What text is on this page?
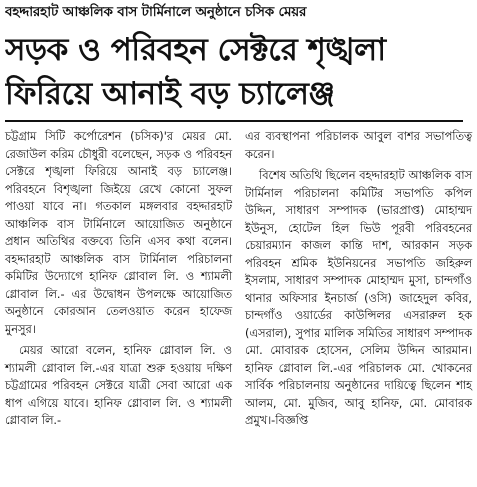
বহদ্দারহাট আঞ্চলিক বাস টার্মিনালে অনুষ্ঠানে চসিক মেয়র
সড়ক ও পরিবহন সেক্টরে শৃঙ্খলা
ফিরিয়ে আনাই বড় চ্যালেঞ্জ

চট্টগ্রাম সিটি কর্পোরেশন (চসিক)'র মেয়র মো. রেজাউল করিম চৌধুরী বলেছেন, সড়ক ও পরিবহন সেক্টরে শৃঙ্খলা ফিরিয়ে আনাই বড় চ্যালেঞ্জ। পরিবহনে বিশৃঙ্খলা জিইয়ে রেখে কোনো সুফল পাওয়া যাবে না। গতকাল মঙ্গলবার বহদ্দারহাট আঞ্চলিক বাস টার্মিনালে আয়োজিত অনুষ্ঠানে প্রধান অতিথির বক্তব্যে তিনি এসব কথা বলেন। বহদ্দারহাট আঞ্চলিক বাস টার্মিনাল পরিচালনা কমিটির উদ্যোগে হানিফ গ্লোবাল লি. ও শ্যামলী গ্লোবাল লি.- এর উদ্বোধন উপলক্ষে আয়োজিত অনুষ্ঠানে কোরআন তেলওয়াত করেন হাফেজ মুনসুর।

মেয়র আরো বলেন, হানিফ গ্লোবাল লি. ও শ্যামলী গ্লোবাল লি.-এর যাত্রা শুরু হওয়ায় দক্ষিণ চট্টগ্রামের পরিবহন সেক্টরে যাত্রী সেবা আরো এক ধাপ এগিয়ে যাবে। হানিফ গ্লোবাল লি. ও শ্যামলী গ্লোবাল লি.-

এর ব্যবস্থাপনা পরিচালক আবুল বাশর সভাপতিত্ব করেন।

বিশেষ অতিথি ছিলেন বহদ্দারহাট আঞ্চলিক বাস টার্মিনাল পরিচালনা কমিটির সভাপতি কপিল উদ্দিন, সাধারণ সম্পাদক (ভারপ্রাপ্ত) মোহাম্মদ ইউনুস, হোটেল হিল ভিউ পূরবী পরিবহনের চেয়ারম্যান কাজল কান্তি দাশ, আরকান সড়ক পরিবহন শ্রমিক ইউনিয়নের সভাপতি জহিরুল ইসলাম, সাধারণ সম্পাদক মোহাম্মদ মুসা, চান্দগাঁও থানার অফিসার ইনচার্জ (ওসি) জাহেদুল কবির, চান্দগাঁও ওয়ার্ডের কাউন্সিলর এসরারুল হক (এসরাল), সুপার মালিক সমিতির সাধারণ সম্পাদক মো. মোবারক হোসেন, সেলিম উদ্দিন আরমান। হানিফ গ্লোবাল লি.-এর পরিচালক মো. খোকনের সার্বিক পরিচালনায় অনুষ্ঠানের দায়িত্বে ছিলেন শাহ আলম, মো. মুজিব, আবু হানিফ, মো. মোবারক প্রমুখ।-বিজ্ঞপ্তি
